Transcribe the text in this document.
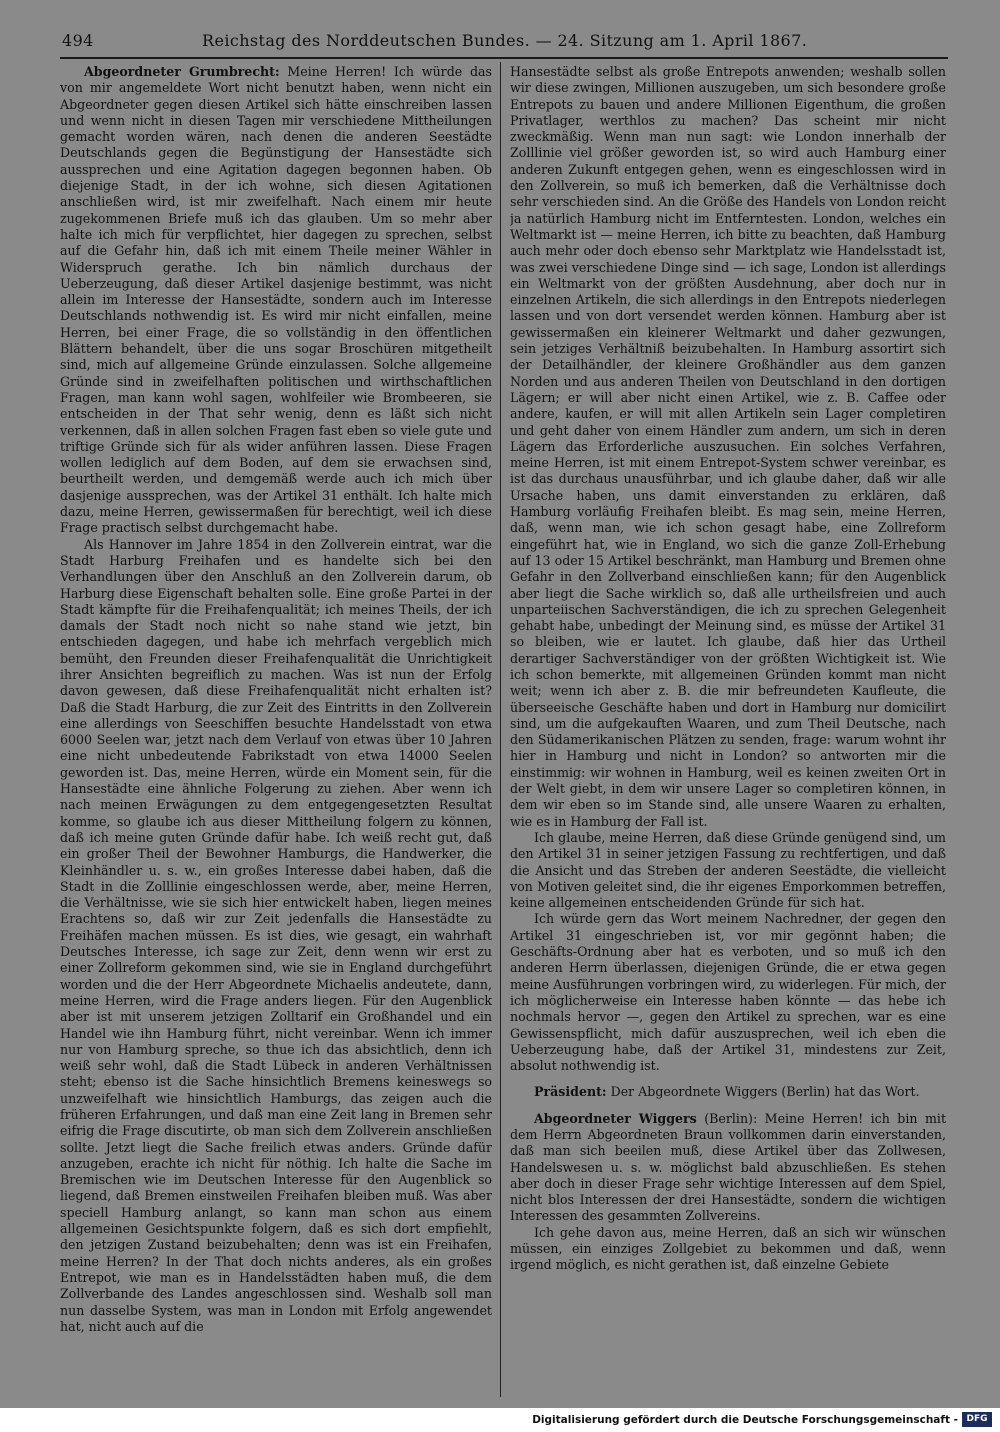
494	Reichstag des Norddeutschen Bundes. — 24. Sitzung am 1. April 1867.

Abgeordneter Grumbrecht: Meine Herren! Ich würde das von mir angemeldete Wort nicht benutzt haben, wenn nicht ein Abgeordneter gegen diesen Artikel sich hätte einschreiben lassen und wenn nicht in diesen Tagen mir verschiedene Mittheilungen gemacht worden wären, nach denen die anderen Seestädte Deutschlands gegen die Begünstigung der Hansestädte sich aussprechen und eine Agitation dagegen begonnen haben. Ob diejenige Stadt, in der ich wohne, sich diesen Agitationen anschließen wird, ist mir zweifelhaft. Nach einem mir heute zugekommenen Briefe muß ich das glauben. Um so mehr aber halte ich mich für verpflichtet, hier dagegen zu sprechen, selbst auf die Gefahr hin, daß ich mit einem Theile meiner Wähler in Widerspruch gerathe. Ich bin nämlich durchaus der Ueberzeugung, daß dieser Artikel dasjenige bestimmt, was nicht allein im Interesse der Hansestädte, sondern auch im Interesse Deutschlands nothwendig ist. Es wird mir nicht einfallen, meine Herren, bei einer Frage, die so vollständig in den öffentlichen Blättern behandelt, über die uns sogar Broschüren mitgetheilt sind, mich auf allgemeine Gründe einzulassen. Solche allgemeine Gründe sind in zweifelhaften politischen und wirthschaftlichen Fragen, man kann wohl sagen, wohlfeiler wie Brombeeren, sie entscheiden in der That sehr wenig, denn es läßt sich nicht verkennen, daß in allen solchen Fragen fast eben so viele gute und triftige Gründe sich für als wider anführen lassen. Diese Fragen wollen lediglich auf dem Boden, auf dem sie erwachsen sind, beurtheilt werden, und demgemäß werde auch ich mich über dasjenige aussprechen, was der Artikel 31 enthält. Ich halte mich dazu, meine Herren, gewissermaßen für berechtigt, weil ich diese Frage practisch selbst durchgemacht habe.

Als Hannover im Jahre 1854 in den Zollverein eintrat, war die Stadt Harburg Freihafen und es handelte sich bei den Verhandlungen über den Anschluß an den Zollverein darum, ob Harburg diese Eigenschaft behalten solle. Eine große Partei in der Stadt kämpfte für die Freihafenqualität; ich meines Theils, der ich damals der Stadt noch nicht so nahe stand wie jetzt, bin entschieden dagegen, und habe ich mehrfach vergeblich mich bemüht, den Freunden dieser Freihafenqualität die Unrichtigkeit ihrer Ansichten begreiflich zu machen. Was ist nun der Erfolg davon gewesen, daß diese Freihafenqualität nicht erhalten ist? Daß die Stadt Harburg, die zur Zeit des Eintritts in den Zollverein eine allerdings von Seeschiffen besuchte Handelsstadt von etwa 6000 Seelen war, jetzt nach dem Verlauf von etwas über 10 Jahren eine nicht unbedeutende Fabrikstadt von etwa 14000 Seelen geworden ist. Das, meine Herren, würde ein Moment sein, für die Hansestädte eine ähnliche Folgerung zu ziehen. Aber wenn ich nach meinen Erwägungen zu dem entgegengesetzten Resultat komme, so glaube ich aus dieser Mittheilung folgern zu können, daß ich meine guten Gründe dafür habe. Ich weiß recht gut, daß ein großer Theil der Bewohner Hamburgs, die Handwerker, die Kleinhändler u. s. w., ein großes Interesse dabei haben, daß die Stadt in die Zolllinie eingeschlossen werde, aber, meine Herren, die Verhältnisse, wie sie sich hier entwickelt haben, liegen meines Erachtens so, daß wir zur Zeit jedenfalls die Hansestädte zu Freihäfen machen müssen. Es ist dies, wie gesagt, ein wahrhaft Deutsches Interesse, ich sage zur Zeit, denn wenn wir erst zu einer Zollreform gekommen sind, wie sie in England durchgeführt worden und die der Herr Abgeordnete Michaelis andeutete, dann, meine Herren, wird die Frage anders liegen. Für den Augenblick aber ist mit unserem jetzigen Zolltarif ein Großhandel und ein Handel wie ihn Hamburg führt, nicht vereinbar. Wenn ich immer nur von Hamburg spreche, so thue ich das absichtlich, denn ich weiß sehr wohl, daß die Stadt Lübeck in anderen Verhältnissen steht; ebenso ist die Sache hinsichtlich Bremens keineswegs so unzweifelhaft wie hinsichtlich Hamburgs, das zeigen auch die früheren Erfahrungen, und daß man eine Zeit lang in Bremen sehr eifrig die Frage discutirte, ob man sich dem Zollverein anschließen sollte. Jetzt liegt die Sache freilich etwas anders. Gründe dafür anzugeben, erachte ich nicht für nöthig. Ich halte die Sache im Bremischen wie im Deutschen Interesse für den Augenblick so liegend, daß Bremen einstweilen Freihafen bleiben muß. Was aber speciell Hamburg anlangt, so kann man schon aus einem allgemeinen Gesichtspunkte folgern, daß es sich dort empfiehlt, den jetzigen Zustand beizubehalten; denn was ist ein Freihafen, meine Herren? In der That doch nichts anderes, als ein großes Entrepot, wie man es in Handelsstädten haben muß, die dem Zollverbande des Landes angeschlossen sind. Weshalb soll man nun dasselbe System, was man in London mit Erfolg angewendet hat, nicht auch auf die

Hansestädte selbst als große Entrepots anwenden; weshalb sollen wir diese zwingen, Millionen auszugeben, um sich besondere große Entrepots zu bauen und andere Millionen Eigenthum, die großen Privatlager, werthlos zu machen? Das scheint mir nicht zweckmäßig. Wenn man nun sagt: wie London innerhalb der Zolllinie viel größer geworden ist, so wird auch Hamburg einer anderen Zukunft entgegen gehen, wenn es eingeschlossen wird in den Zollverein, so muß ich bemerken, daß die Verhältnisse doch sehr verschieden sind. An die Größe des Handels von London reicht ja natürlich Hamburg nicht im Entferntesten. London, welches ein Weltmarkt ist — meine Herren, ich bitte zu beachten, daß Hamburg auch mehr oder doch ebenso sehr Marktplatz wie Handelsstadt ist, was zwei verschiedene Dinge sind — ich sage, London ist allerdings ein Weltmarkt von der größten Ausdehnung, aber doch nur in einzelnen Artikeln, die sich allerdings in den Entrepots niederlegen lassen und von dort versendet werden können. Hamburg aber ist gewissermaßen ein kleinerer Weltmarkt und daher gezwungen, sein jetziges Verhältniß beizubehalten. In Hamburg assortirt sich der Detailhändler, der kleinere Großhändler aus dem ganzen Norden und aus anderen Theilen von Deutschland in den dortigen Lägern; er will aber nicht einen Artikel, wie z. B. Caffee oder andere, kaufen, er will mit allen Artikeln sein Lager completiren und geht daher von einem Händler zum andern, um sich in deren Lägern das Erforderliche auszusuchen. Ein solches Verfahren, meine Herren, ist mit einem Entrepot-System schwer vereinbar, es ist das durchaus unausführbar, und ich glaube daher, daß wir alle Ursache haben, uns damit einverstanden zu erklären, daß Hamburg vorläufig Freihafen bleibt. Es mag sein, meine Herren, daß, wenn man, wie ich schon gesagt habe, eine Zollreform eingeführt hat, wie in England, wo sich die ganze Zoll-Erhebung auf 13 oder 15 Artikel beschränkt, man Hamburg und Bremen ohne Gefahr in den Zollverband einschließen kann; für den Augenblick aber liegt die Sache wirklich so, daß alle urtheilsfreien und auch unparteiischen Sachverständigen, die ich zu sprechen Gelegenheit gehabt habe, unbedingt der Meinung sind, es müsse der Artikel 31 so bleiben, wie er lautet. Ich glaube, daß hier das Urtheil derartiger Sachverständiger von der größten Wichtigkeit ist. Wie ich schon bemerkte, mit allgemeinen Gründen kommt man nicht weit; wenn ich aber z. B. die mir befreundeten Kaufleute, die überseeische Geschäfte haben und dort in Hamburg nur domicilirt sind, um die aufgekauften Waaren, und zum Theil Deutsche, nach den Südamerikanischen Plätzen zu senden, frage: warum wohnt ihr hier in Hamburg und nicht in London? so antworten mir die einstimmig: wir wohnen in Hamburg, weil es keinen zweiten Ort in der Welt giebt, in dem wir unsere Lager so completiren können, in dem wir eben so im Stande sind, alle unsere Waaren zu erhalten, wie es in Hamburg der Fall ist.

Ich glaube, meine Herren, daß diese Gründe genügend sind, um den Artikel 31 in seiner jetzigen Fassung zu rechtfertigen, und daß die Ansicht und das Streben der anderen Seestädte, die vielleicht von Motiven geleitet sind, die ihr eigenes Emporkommen betreffen, keine allgemeinen entscheidenden Gründe für sich hat.

Ich würde gern das Wort meinem Nachredner, der gegen den Artikel 31 eingeschrieben ist, vor mir gegönnt haben; die Geschäfts-Ordnung aber hat es verboten, und so muß ich den anderen Herrn überlassen, diejenigen Gründe, die er etwa gegen meine Ausführungen vorbringen wird, zu widerlegen. Für mich, der ich möglicherweise ein Interesse haben könnte — das hebe ich nochmals hervor —, gegen den Artikel zu sprechen, war es eine Gewissenspflicht, mich dafür auszusprechen, weil ich eben die Ueberzeugung habe, daß der Artikel 31, mindestens zur Zeit, absolut nothwendig ist.

Präsident: Der Abgeordnete Wiggers (Berlin) hat das Wort.

Abgeordneter Wiggers (Berlin): Meine Herren! ich bin mit dem Herrn Abgeordneten Braun vollkommen darin einverstanden, daß man sich beeilen muß, diese Artikel über das Zollwesen, Handelswesen u. s. w. möglichst bald abzuschließen. Es stehen aber doch in dieser Frage sehr wichtige Interessen auf dem Spiel, nicht blos Interessen der drei Hansestädte, sondern die wichtigen Interessen des gesammten Zollvereins.

Ich gehe davon aus, meine Herren, daß an sich wir wünschen müssen, ein einziges Zollgebiet zu bekommen und daß, wenn irgend möglich, es nicht gerathen ist, daß einzelne Gebiete

Digitalisierung gefördert durch die Deutsche Forschungsgemeinschaft - DFG
